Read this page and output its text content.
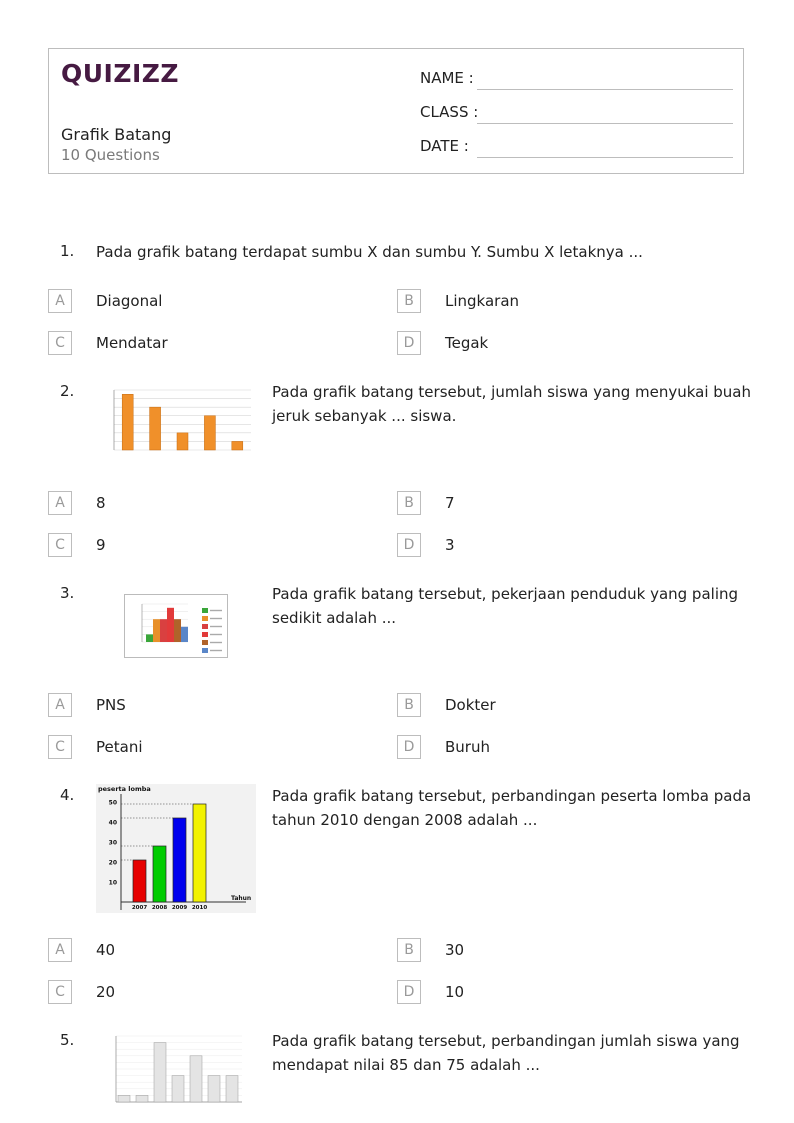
QUIZIZZ
Grafik Batang
10 Questions
NAME :
CLASS :
DATE :
1. Pada grafik batang terdapat sumbu X dan sumbu Y. Sumbu X letaknya ...
A	Diagonal	B	Lingkaran
C	Mendatar	D	Tegak
2.	Pada grafik batang tersebut, jumlah siswa yang menyukai buah jeruk sebanyak ... siswa.
A	8	B	7
C	9	D	3
3.	Pada grafik batang tersebut, pekerjaan penduduk yang paling sedikit adalah ...
A	PNS	B	Dokter
C	Petani	D	Buruh
4.	peserta lomba
10
20
30
40
50
2007 2008 2009 2010
Tahun
Pada grafik batang tersebut, perbandingan peserta lomba pada tahun 2010 dengan 2008 adalah ...
A	40	B	30
C	20	D	10
5.	Pada grafik batang tersebut, perbandingan jumlah siswa yang mendapat nilai 85 dan 75 adalah ...
